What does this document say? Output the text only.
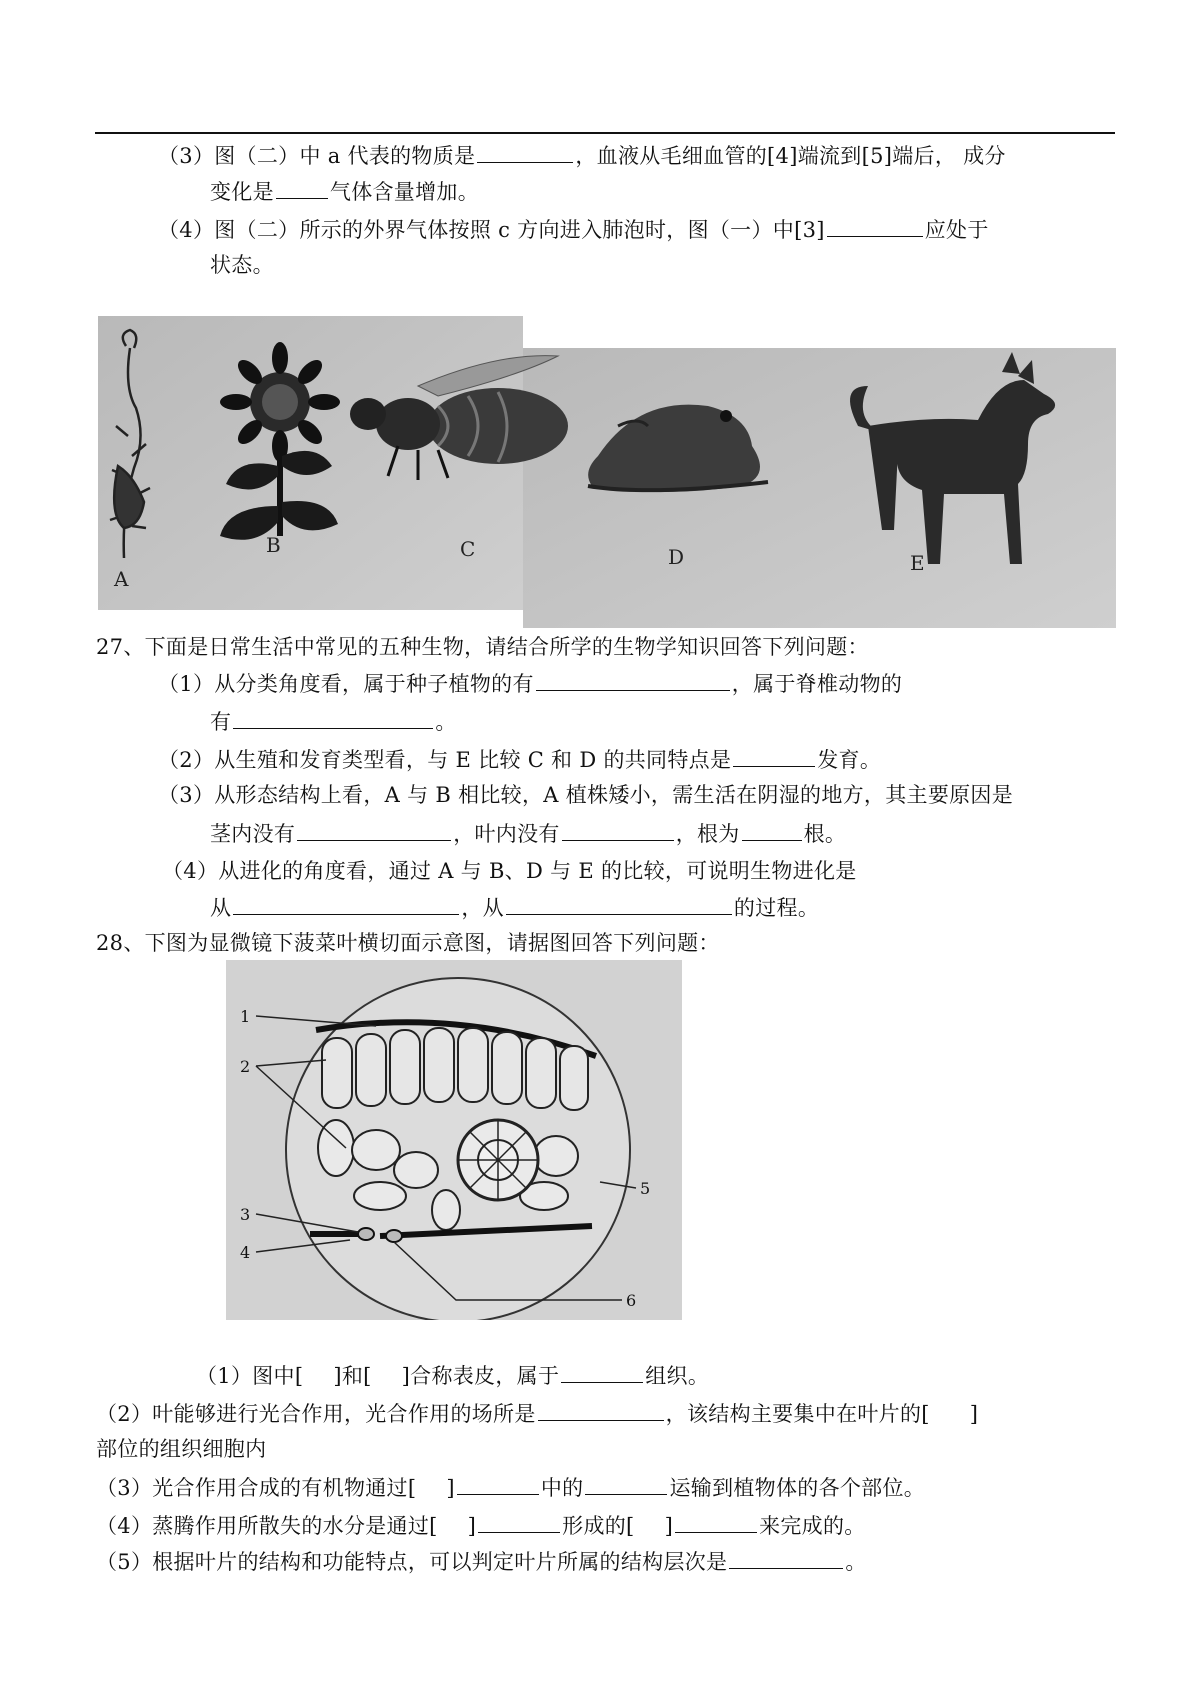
（3）图（二）中 a 代表的物质是	，血液从毛细血管的[4]端流到[5]端后， 成分
变化是	气体含量增加。
（4）图（二）所示的外界气体按照 c 方向进入肺泡时，图（一）中[3]	应处于
状态。
A
B	C	D	E
27、下面是日常生活中常见的五种生物，请结合所学的生物学知识回答下列问题：
（1）从分类角度看，属于种子植物的有	，属于脊椎动物的
有	。
（2）从生殖和发育类型看，与 E 比较 C 和 D 的共同特点是	发育。
（3）从形态结构上看，A 与 B 相比较，A 植株矮小，需生活在阴湿的地方，其主要原因是
茎内没有	，叶内没有	，根为	根。
（4）从进化的角度看，通过 A 与 B、D 与 E 的比较，可说明生物进化是
从	，从	的过程。
28、下图为显微镜下菠菜叶横切面示意图，请据图回答下列问题：
1
2
3
4
5
6
（1）图中[ ]和[ ]合称表皮，属于	组织。
（2）叶能够进行光合作用，光合作用的场所是	，该结构主要集中在叶片的[ ]
部位的组织细胞内
（3）光合作用合成的有机物通过[ ]	中的	运输到植物体的各个部位。
（4）蒸腾作用所散失的水分是通过[ ]	形成的[ ]	来完成的。
（5）根据叶片的结构和功能特点，可以判定叶片所属的结构层次是	。
